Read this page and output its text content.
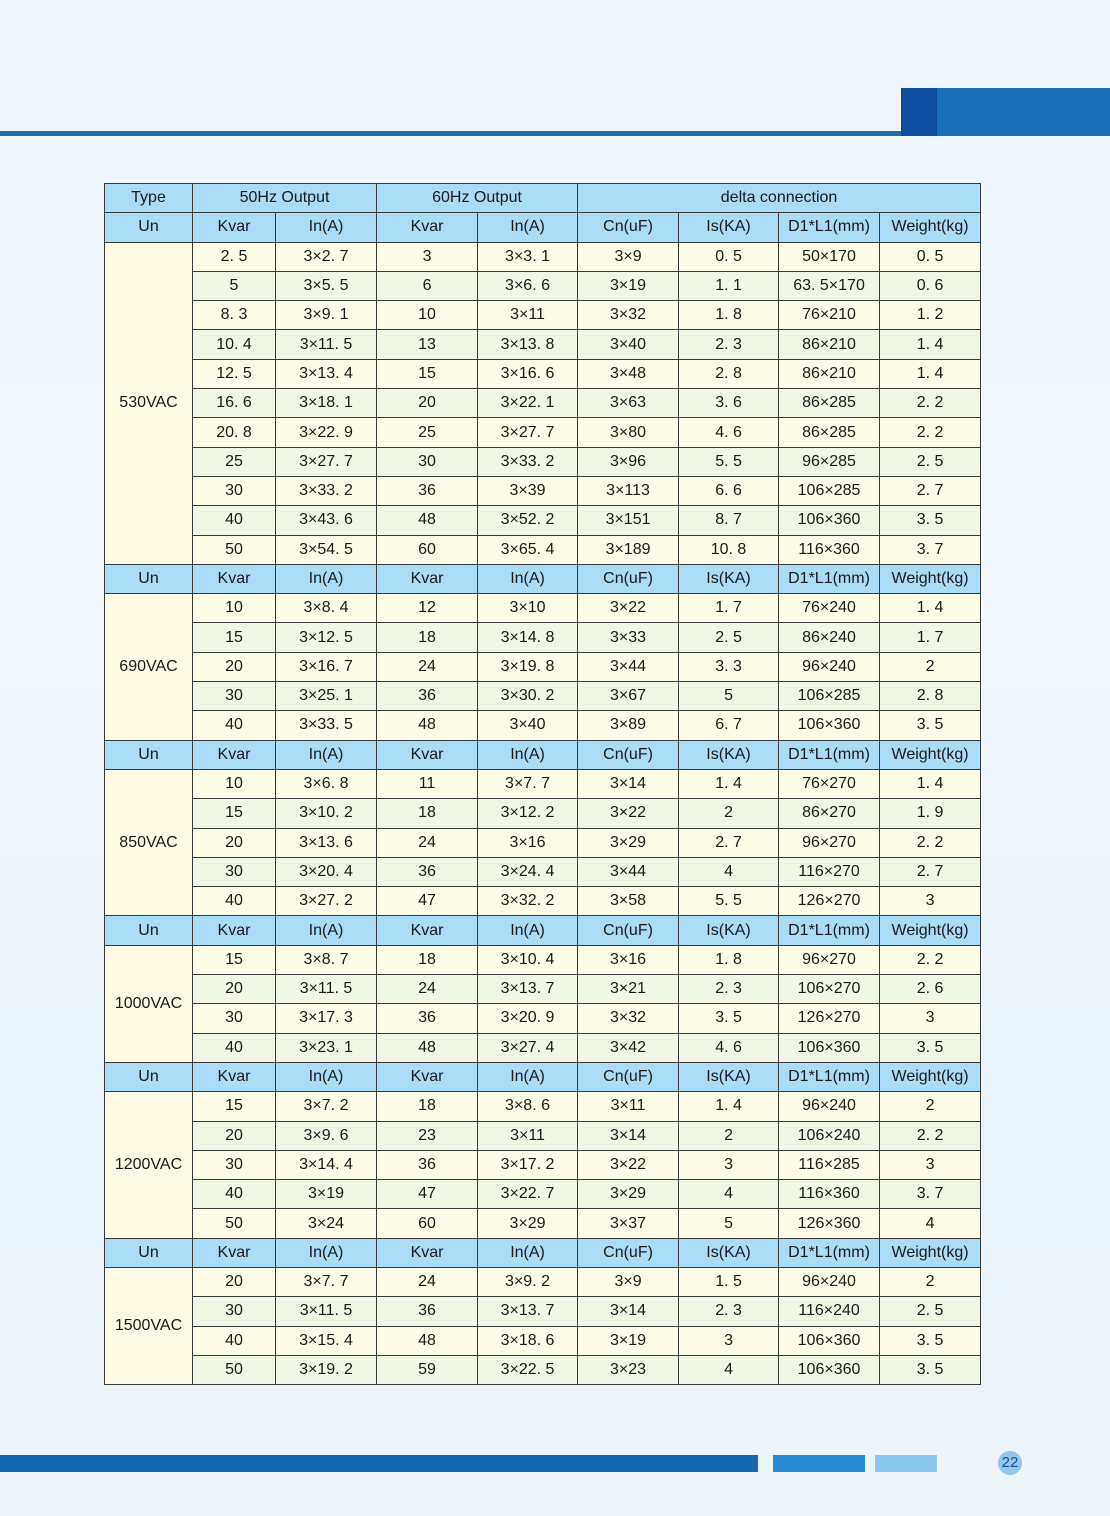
Type	50Hz Output		60Hz Output		delta connection			
Un	Kvar	In(A)	Kvar	In(A)	Cn(uF)	Is(KA)	D1*L1(mm)	Weight(kg)
530VAC	2. 5	3×2. 7	3	3×3. 1	3×9	0. 5	50×170	0. 5
	5	3×5. 5	6	3×6. 6	3×19	1. 1	63. 5×170	0. 6
	8. 3	3×9. 1	10	3×11	3×32	1. 8	76×210	1. 2
	10. 4	3×11. 5	13	3×13. 8	3×40	2. 3	86×210	1. 4
	12. 5	3×13. 4	15	3×16. 6	3×48	2. 8	86×210	1. 4
	16. 6	3×18. 1	20	3×22. 1	3×63	3. 6	86×285	2. 2
	20. 8	3×22. 9	25	3×27. 7	3×80	4. 6	86×285	2. 2
	25	3×27. 7	30	3×33. 2	3×96	5. 5	96×285	2. 5
	30	3×33. 2	36	3×39	3×113	6. 6	106×285	2. 7
	40	3×43. 6	48	3×52. 2	3×151	8. 7	106×360	3. 5
	50	3×54. 5	60	3×65. 4	3×189	10. 8	116×360	3. 7
Un	Kvar	In(A)	Kvar	In(A)	Cn(uF)	Is(KA)	D1*L1(mm)	Weight(kg)
690VAC	10	3×8. 4	12	3×10	3×22	1. 7	76×240	1. 4
	15	3×12. 5	18	3×14. 8	3×33	2. 5	86×240	1. 7
	20	3×16. 7	24	3×19. 8	3×44	3. 3	96×240	2
	30	3×25. 1	36	3×30. 2	3×67	5	106×285	2. 8
	40	3×33. 5	48	3×40	3×89	6. 7	106×360	3. 5
Un	Kvar	In(A)	Kvar	In(A)	Cn(uF)	Is(KA)	D1*L1(mm)	Weight(kg)
850VAC	10	3×6. 8	11	3×7. 7	3×14	1. 4	76×270	1. 4
	15	3×10. 2	18	3×12. 2	3×22	2	86×270	1. 9
	20	3×13. 6	24	3×16	3×29	2. 7	96×270	2. 2
	30	3×20. 4	36	3×24. 4	3×44	4	116×270	2. 7
	40	3×27. 2	47	3×32. 2	3×58	5. 5	126×270	3
Un	Kvar	In(A)	Kvar	In(A)	Cn(uF)	Is(KA)	D1*L1(mm)	Weight(kg)
1000VAC	15	3×8. 7	18	3×10. 4	3×16	1. 8	96×270	2. 2
	20	3×11. 5	24	3×13. 7	3×21	2. 3	106×270	2. 6
	30	3×17. 3	36	3×20. 9	3×32	3. 5	126×270	3
	40	3×23. 1	48	3×27. 4	3×42	4. 6	106×360	3. 5
Un	Kvar	In(A)	Kvar	In(A)	Cn(uF)	Is(KA)	D1*L1(mm)	Weight(kg)
1200VAC	15	3×7. 2	18	3×8. 6	3×11	1. 4	96×240	2
	20	3×9. 6	23	3×11	3×14	2	106×240	2. 2
	30	3×14. 4	36	3×17. 2	3×22	3	116×285	3
	40	3×19	47	3×22. 7	3×29	4	116×360	3. 7
	50	3×24	60	3×29	3×37	5	126×360	4
Un	Kvar	In(A)	Kvar	In(A)	Cn(uF)	Is(KA)	D1*L1(mm)	Weight(kg)
1500VAC	20	3×7. 7	24	3×9. 2	3×9	1. 5	96×240	2
	30	3×11. 5	36	3×13. 7	3×14	2. 3	116×240	2. 5
	40	3×15. 4	48	3×18. 6	3×19	3	106×360	3. 5
	50	3×19. 2	59	3×22. 5	3×23	4	106×360	3. 5
22
